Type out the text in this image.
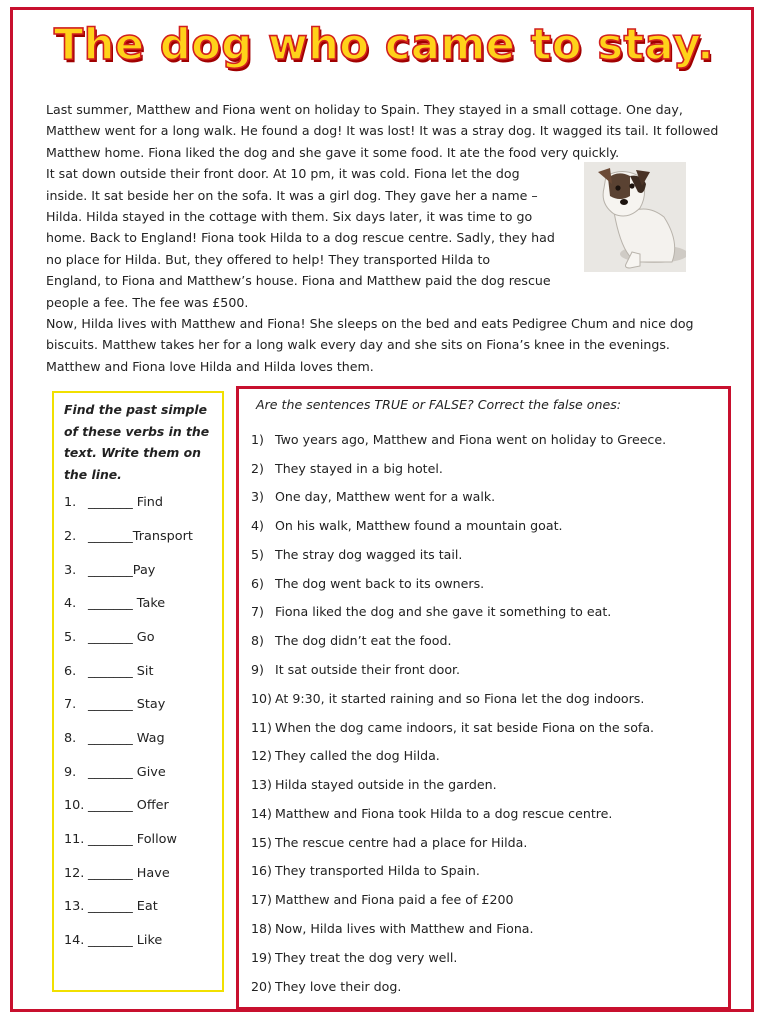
The dog who came to stay.

Last summer, Matthew and Fiona went on holiday to Spain. They stayed in a small cottage. One day, Matthew went for a long walk. He found a dog! It was lost! It was a stray dog. It wagged its tail. It followed Matthew home. Fiona liked the dog and she gave it some food. It ate the food very quickly.

It sat down outside their front door. At 10 pm, it was cold. Fiona let the dog
inside. It sat beside her on the sofa. It was a girl dog. They gave her a name –
Hilda. Hilda stayed in the cottage with them. Six days later, it was time to go
home. Back to England! Fiona took Hilda to a dog rescue centre. Sadly, they had
no place for Hilda. But, they offered to help! They transported Hilda to
England, to Fiona and Matthew’s house. Fiona and Matthew paid the dog rescue
people a fee. The fee was £500.

Now, Hilda lives with Matthew and Fiona! She sleeps on the bed and eats Pedigree Chum and nice dog biscuits. Matthew takes her for a long walk every day and she sits on Fiona’s knee in the evenings. Matthew and Fiona love Hilda and Hilda loves them.

Find the past simple of these verbs in the text. Write them on the line.

1. _______ Find
2. _______Transport
3. _______Pay
4. _______ Take
5. _______ Go
6. _______ Sit
7. _______ Stay
8. _______ Wag
9. _______ Give
10. _______ Offer
11. _______ Follow
12. _______ Have
13. _______ Eat
14. _______ Like

Are the sentences TRUE or FALSE? Correct the false ones:

1) Two years ago, Matthew and Fiona went on holiday to Greece.
2) They stayed in a big hotel.
3) One day, Matthew went for a walk.
4) On his walk, Matthew found a mountain goat.
5) The stray dog wagged its tail.
6) The dog went back to its owners.
7) Fiona liked the dog and she gave it something to eat.
8) The dog didn’t eat the food.
9) It sat outside their front door.
10) At 9:30, it started raining and so Fiona let the dog indoors.
11) When the dog came indoors, it sat beside Fiona on the sofa.
12) They called the dog Hilda.
13) Hilda stayed outside in the garden.
14) Matthew and Fiona took Hilda to a dog rescue centre.
15) The rescue centre had a place for Hilda.
16) They transported Hilda to Spain.
17) Matthew and Fiona paid a fee of £200
18) Now, Hilda lives with Matthew and Fiona.
19) They treat the dog very well.
20) They love their dog.
